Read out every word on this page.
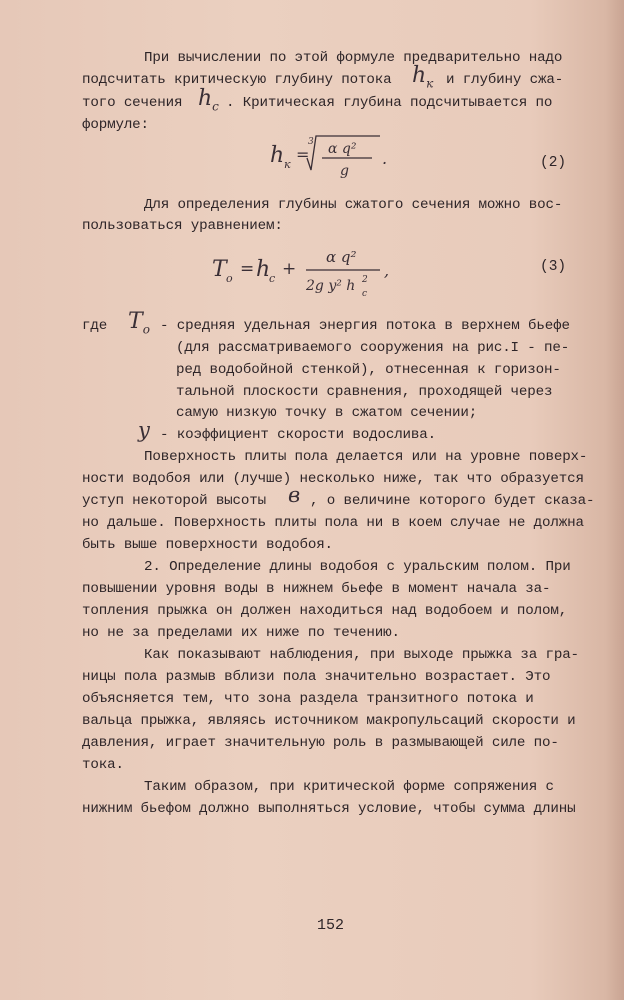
При вычислении по этой формуле предварительно надо
подсчитать критическую глубину потока $h_к$ и глубину сжа-
того сечения $h_с$ . Критическая глубина подсчитывается по
формуле:
h к
=
3 α q²
g
.	(2)
Для определения глубины сжатого сечения можно вос-
пользоваться уравнением:
T o = h
c +
α q²
2g y² h c
2 ,	(3)
где $T_o$ - средняя удельная энергия потока в верхнем бьефе
(для рассматриваемого сооружения на рис.I - пе-
ред водобойной стенкой), отнесенная к горизон-
тальной плоскости сравнения, проходящей через
самую низкую точку в сжатом сечении;
y - коэффициент скорости водослива.
Поверхность плиты пола делается или на уровне поверх-
ности водобоя или (лучше) несколько ниже, так что образуется
уступ некоторой высоты в , о величине которого будет сказа-
но дальше. Поверхность плиты пола ни в коем случае не должна
быть выше поверхности водобоя.
2. Определение длины водобоя с уральским полом. При
повышении уровня воды в нижнем бьефе в момент начала за-
топления прыжка он должен находиться над водобоем и полом,
но не за пределами их ниже по течению.
Как показывают наблюдения, при выходе прыжка за гра-
ницы пола размыв вблизи пола значительно возрастает. Это
объясняется тем, что зона раздела транзитного потока и
вальца прыжка, являясь источником макропульсаций скорости и
давления, играет значительную роль в размывающей силе по-
тока.
Таким образом, при критической форме сопряжения с
нижним бьефом должно выполняться условие, чтобы сумма длины
152
